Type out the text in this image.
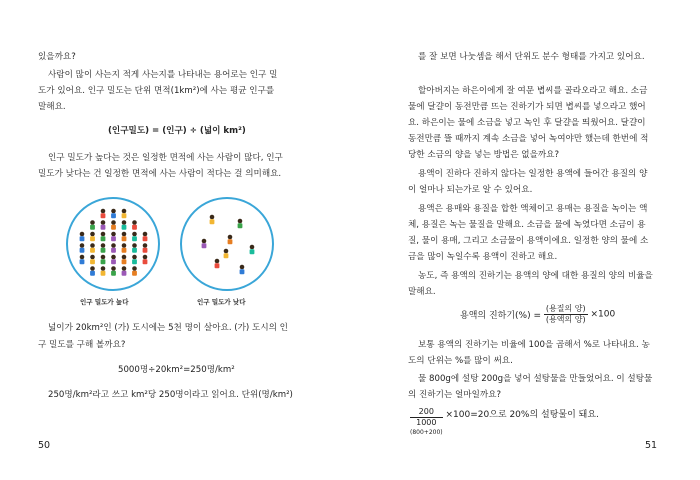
있을까요?

사람이 많이 사는지 적게 사는지를 나타내는 용어로는 인구 밀

도가 있어요. 인구 밀도는 단위 면적(1km²)에 사는 평균 인구를

말해요.

(인구밀도) = (인구) ÷ (넓이 km²)

인구 밀도가 높다는 것은 일정한 면적에 사는 사람이 많다, 인구

밀도가 낮다는 건 일정한 면적에 사는 사람이 적다는 걸 의미해요.

인구 밀도가 높다	인구 밀도가 낮다

넓이가 20km²인 (가) 도시에는 5천 명이 살아요. (가) 도시의 인

구 밀도를 구해 볼까요?

5000명÷20km²=250명/km²

250명/km²라고 쓰고 km²당 250명이라고 읽어요. 단위(명/km²)

50

를 잘 보면 나눗셈을 해서 단위도 분수 형태를 가지고 있어요.

할아버지는 하은이에게 잘 여문 볍씨를 골라오라고 해요. 소금

물에 달걀이 동전만큼 뜨는 진하기가 되면 볍씨를 넣으라고 했어

요. 하은이는 물에 소금을 넣고 녹인 후 달걀을 띄웠어요. 달걀이

동전만큼 뜰 때까지 계속 소금을 넣어 녹여야만 했는데 한번에 적

당한 소금의 양을 넣는 방법은 없을까요?

용액이 진하다 진하지 않다는 일정한 용액에 들어간 용질의 양

이 얼마나 되는가로 알 수 있어요.

용액은 용매와 용질을 합한 액체이고 용매는 용질을 녹이는 액

체, 용질은 녹는 물질을 말해요. 소금을 물에 녹였다면 소금이 용

질, 물이 용매, 그리고 소금물이 용액이에요. 일정한 양의 물에 소

금을 많이 녹일수록 용액이 진하고 해요.

농도, 즉 용액의 진하기는 용액의 양에 대한 용질의 양의 비율을

말해요.

용액의 진하기(%) = $\frac{\text{(용질의 양)}}{\text{(용액의 양)}} \times 100$

보통 용액의 진하기는 비율에 100을 곱해서 %로 나타내요. 농

도의 단위는 %를 많이 써요.

물 800g에 설탕 200g을 넣어 설탕물을 만들었어요. 이 설탕물

의 진하기는 얼마일까요?

200
1000
(800+200)
×100=20으로 20%의 설탕물이 돼요.
51
